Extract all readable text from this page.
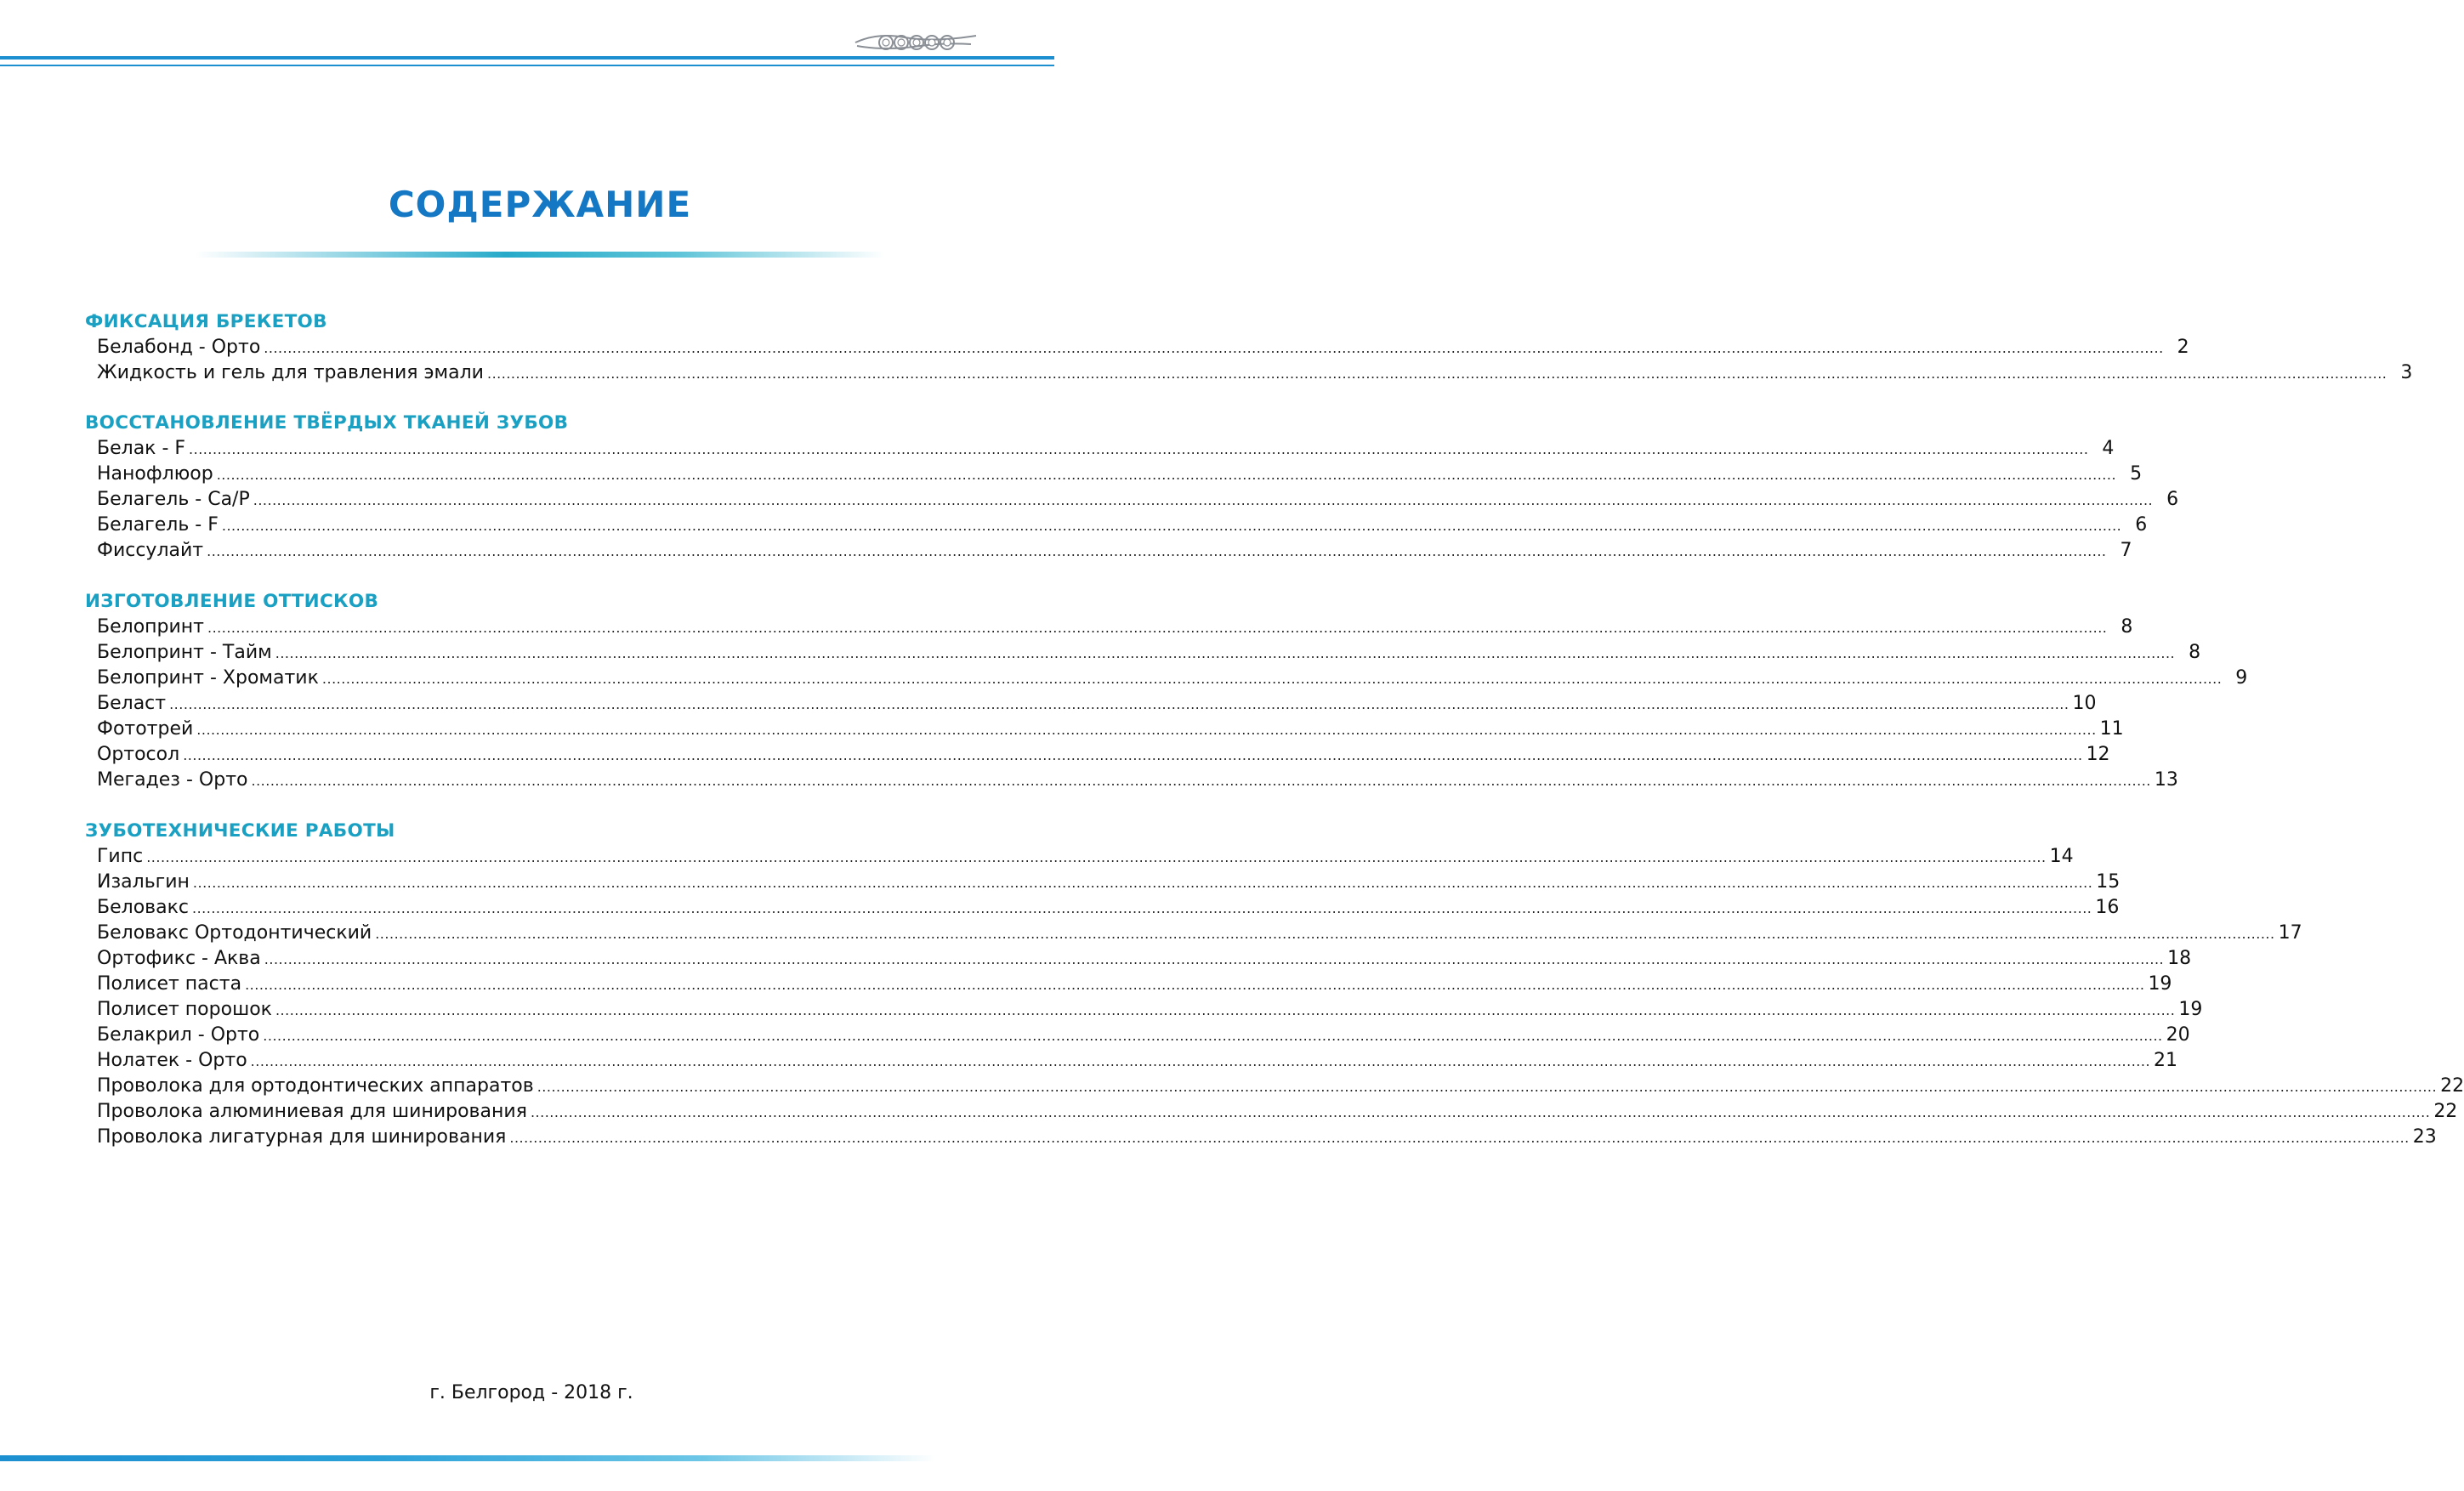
СОДЕРЖАНИЕ
ФИКСАЦИЯ БРЕКЕТОВ
Белабонд - Орто ................................................................................................................................................................................................................................................................................................................................................................................................................ 2
Жидкость и гель для травления эмали ................................................................................................................................................................................................................................................................................................................................................................................................................ 3
ВОССТАНОВЛЕНИЕ ТВЁРДЫХ ТКАНЕЙ ЗУБОВ
Белак - F ................................................................................................................................................................................................................................................................................................................................................................................................................ 4
Нанофлюор ................................................................................................................................................................................................................................................................................................................................................................................................................ 5
Белагель - Ca/P ................................................................................................................................................................................................................................................................................................................................................................................................................ 6
Белагель - F ................................................................................................................................................................................................................................................................................................................................................................................................................ 6
Фиссулайт ................................................................................................................................................................................................................................................................................................................................................................................................................ 7
ИЗГОТОВЛЕНИЕ ОТТИСКОВ
Белопринт ................................................................................................................................................................................................................................................................................................................................................................................................................ 8
Белопринт - Тайм ................................................................................................................................................................................................................................................................................................................................................................................................................ 8
Белопринт - Хроматик ................................................................................................................................................................................................................................................................................................................................................................................................................ 9
Беласт ................................................................................................................................................................................................................................................................................................................................................................................................................ 10
Фототрей ................................................................................................................................................................................................................................................................................................................................................................................................................ 11
Ортосол ................................................................................................................................................................................................................................................................................................................................................................................................................ 12
Мегадез - Орто ................................................................................................................................................................................................................................................................................................................................................................................................................ 13
ЗУБОТЕХНИЧЕСКИЕ РАБОТЫ
Гипс ................................................................................................................................................................................................................................................................................................................................................................................................................ 14
Изальгин ................................................................................................................................................................................................................................................................................................................................................................................................................ 15
Беловакс ................................................................................................................................................................................................................................................................................................................................................................................................................ 16
Беловакс Ортодонтический ................................................................................................................................................................................................................................................................................................................................................................................................................ 17
Ортофикс - Аква ................................................................................................................................................................................................................................................................................................................................................................................................................ 18
Полисет паста ................................................................................................................................................................................................................................................................................................................................................................................................................ 19
Полисет порошок ................................................................................................................................................................................................................................................................................................................................................................................................................ 19
Белакрил - Орто ................................................................................................................................................................................................................................................................................................................................................................................................................ 20
Нолатек - Орто ................................................................................................................................................................................................................................................................................................................................................................................................................ 21
Проволока для ортодонтических аппаратов ................................................................................................................................................................................................................................................................................................................................................................................................................ 22
Проволока алюминиевая для шинирования ................................................................................................................................................................................................................................................................................................................................................................................................................ 22
Проволока лигатурная для шинирования ................................................................................................................................................................................................................................................................................................................................................................................................................ 23
г. Белгород - 2018 г.
